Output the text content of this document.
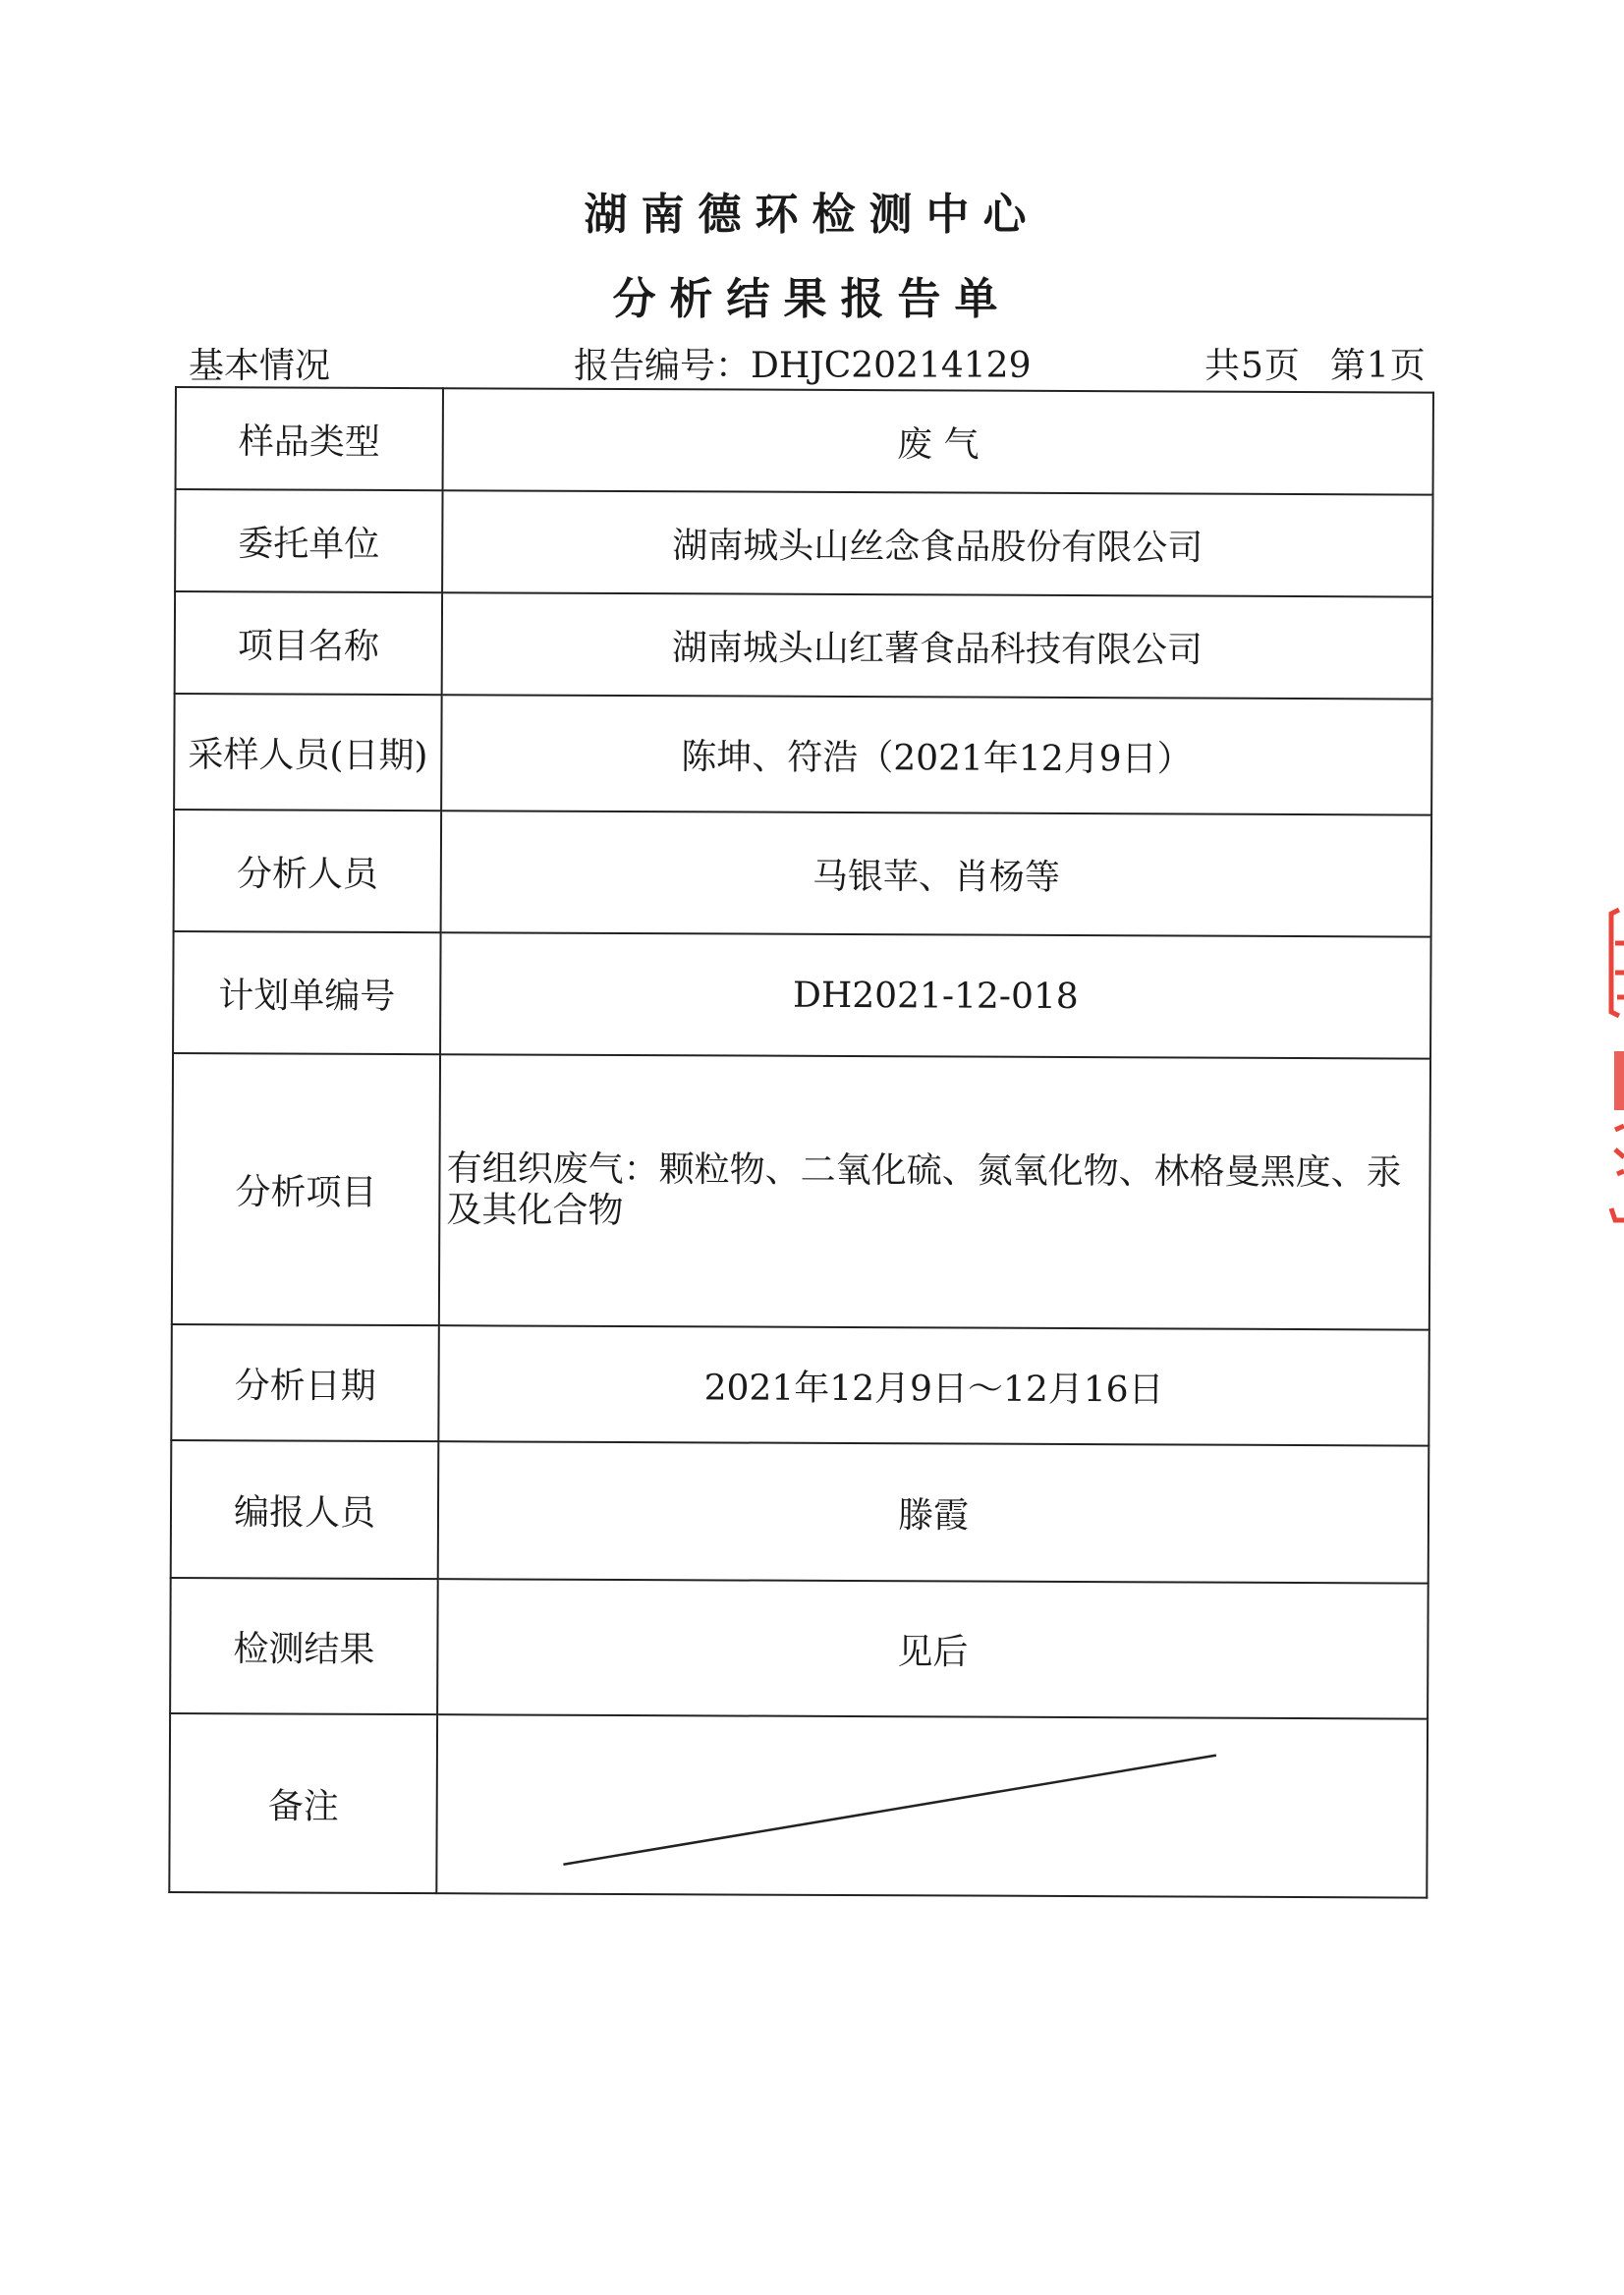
湖南德环检测中心
分析结果报告单
基本情况	报告编号：DHJC20214129	共5页 第1页
样品类型	废 气
委托单位	湖南城头山丝念食品股份有限公司
项目名称	湖南城头山红薯食品科技有限公司
采样人员(日期)	陈坤、符浩（2021年12月9日）
分析人员	马银苹、肖杨等
计划单编号	DH2021-12-018
分析项目	有组织废气：颗粒物、二氧化硫、氮氧化物、林格曼黑度、汞及其化合物
分析日期	2021年12月9日～12月16日
编报人员	滕霞
检测结果	见后
备注	
